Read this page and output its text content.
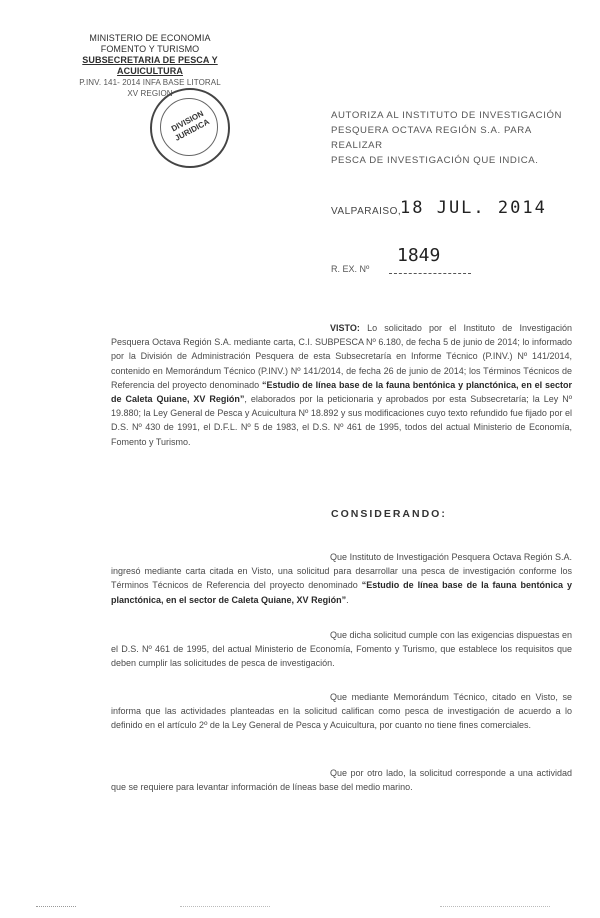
MINISTERIO DE ECONOMIA
FOMENTO Y TURISMO
SUBSECRETARIA DE PESCA Y ACUICULTURA
P.INV. 141- 2014 INFA BASE LITORAL
XV REGION
DIVISION JURIDICA
AUTORIZA AL INSTITUTO DE INVESTIGACIÓN
PESQUERA OCTAVA REGIÓN S.A. PARA REALIZAR
PESCA DE INVESTIGACIÓN QUE INDICA.
VALPARAISO,
18 JUL. 2014
1849
R. EX. Nº
VISTO: Lo solicitado por el Instituto de Investigación Pesquera Octava Región S.A. mediante carta, C.I. SUBPESCA Nº 6.180, de fecha 5 de junio de 2014; lo informado por la División de Administración Pesquera de esta Subsecretaría en Informe Técnico (P.INV.) Nº 141/2014, contenido en Memorándum Técnico (P.INV.) Nº 141/2014, de fecha 26 de junio de 2014; los Términos Técnicos de Referencia del proyecto denominado “Estudio de línea base de la fauna bentónica y planctónica, en el sector de Caleta Quiane, XV Región”, elaborados por la peticionaria y aprobados por esta Subsecretaría; la Ley Nº 19.880; la Ley General de Pesca y Acuicultura Nº 18.892 y sus modificaciones cuyo texto refundido fue fijado por el D.S. Nº 430 de 1991, el D.F.L. Nº 5 de 1983, el D.S. Nº 461 de 1995, todos del actual Ministerio de Economía, Fomento y Turismo.
CONSIDERANDO:
Que Instituto de Investigación Pesquera Octava Región S.A. ingresó mediante carta citada en Visto, una solicitud para desarrollar una pesca de investigación conforme los Términos Técnicos de Referencia del proyecto denominado “Estudio de línea base de la fauna bentónica y planctónica, en el sector de Caleta Quiane, XV Región”.
Que dicha solicitud cumple con las exigencias dispuestas en el D.S. Nº 461 de 1995, del actual Ministerio de Economía, Fomento y Turismo, que establece los requisitos que deben cumplir las solicitudes de pesca de investigación.
Que mediante Memorándum Técnico, citado en Visto, se informa que las actividades planteadas en la solicitud califican como pesca de investigación de acuerdo a lo definido en el artículo 2º de la Ley General de Pesca y Acuicultura, por cuanto no tiene fines comerciales.
Que por otro lado, la solicitud corresponde a una actividad que se requiere para levantar información de líneas base del medio marino.
